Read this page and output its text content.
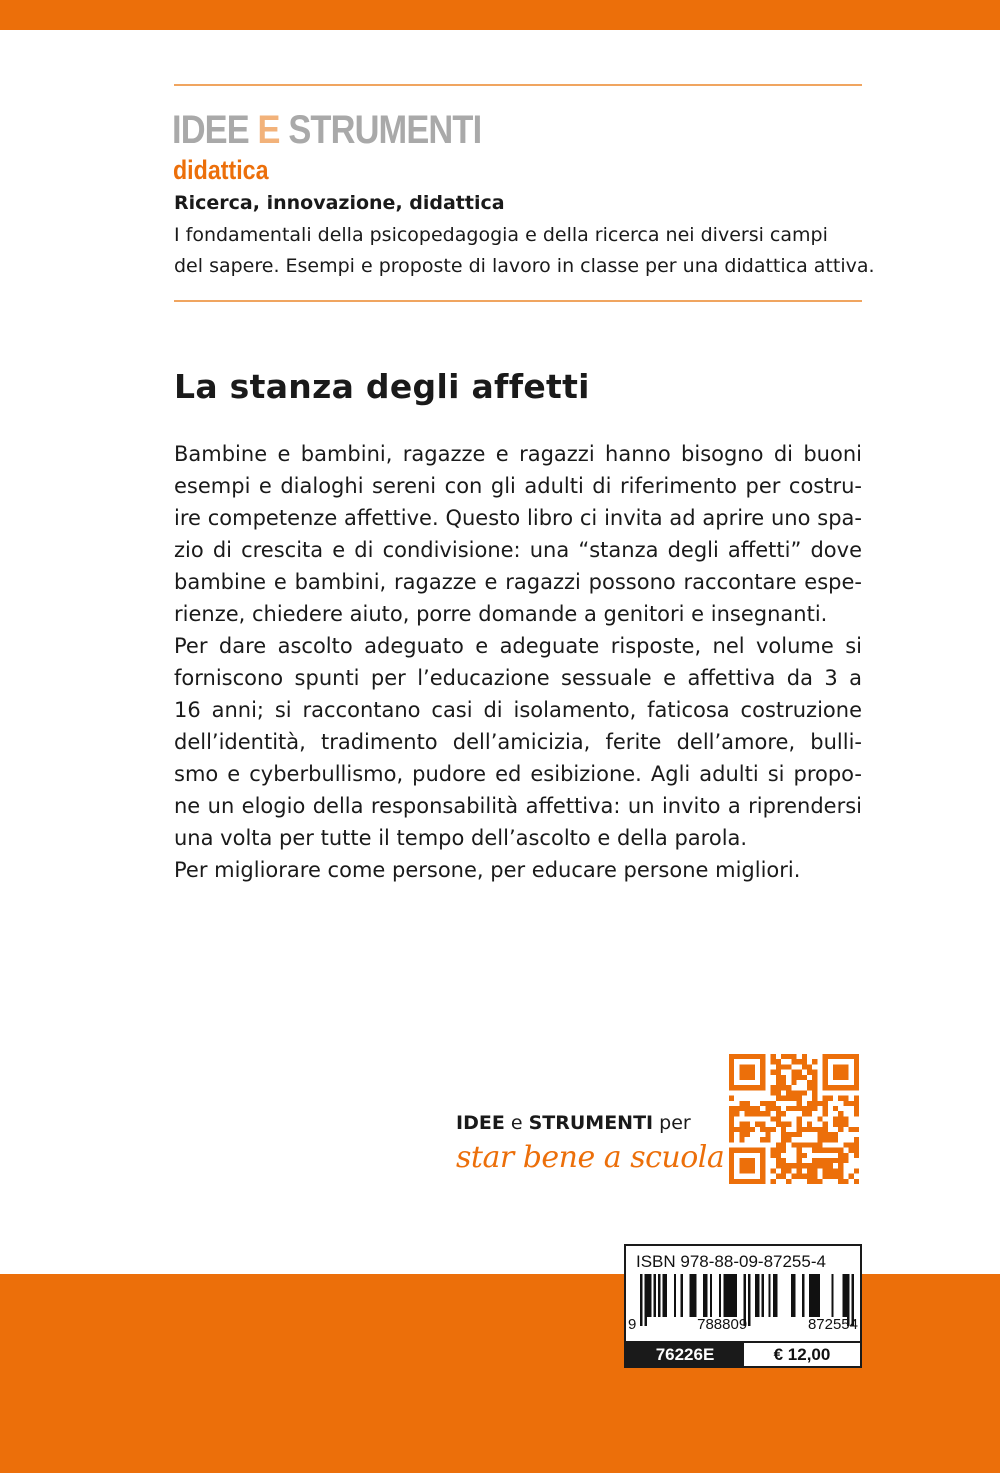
IDEE E STRUMENTI
didattica
Ricerca, innovazione, didattica
I fondamentali della psicopedagogia e della ricerca nei diversi campi
del sapere. Esempi e proposte di lavoro in classe per una didattica attiva.
La stanza degli affetti
Bambine e bambini, ragazze e ragazzi hanno bisogno di buoni
esempi e dialoghi sereni con gli adulti di riferimento per costru-
ire competenze affettive. Questo libro ci invita ad aprire uno spa-
zio di crescita e di condivisione: una “stanza degli affetti” dove
bambine e bambini, ragazze e ragazzi possono raccontare espe-
rienze, chiedere aiuto, porre domande a genitori e insegnanti.
Per dare ascolto adeguato e adeguate risposte, nel volume si
forniscono spunti per l’educazione sessuale e affettiva da 3 a
16 anni; si raccontano casi di isolamento, faticosa costruzione
dell’identità, tradimento dell’amicizia, ferite dell’amore, bulli-
smo e cyberbullismo, pudore ed esibizione. Agli adulti si propo-
ne un elogio della responsabilità affettiva: un invito a riprendersi
una volta per tutte il tempo dell’ascolto e della parola.
Per migliorare come persone, per educare persone migliori.
IDEE e STRUMENTI per
star bene a scuola
ISBN 978-88-09-87255-4
9	788809	872554
76226E	€ 12,00
